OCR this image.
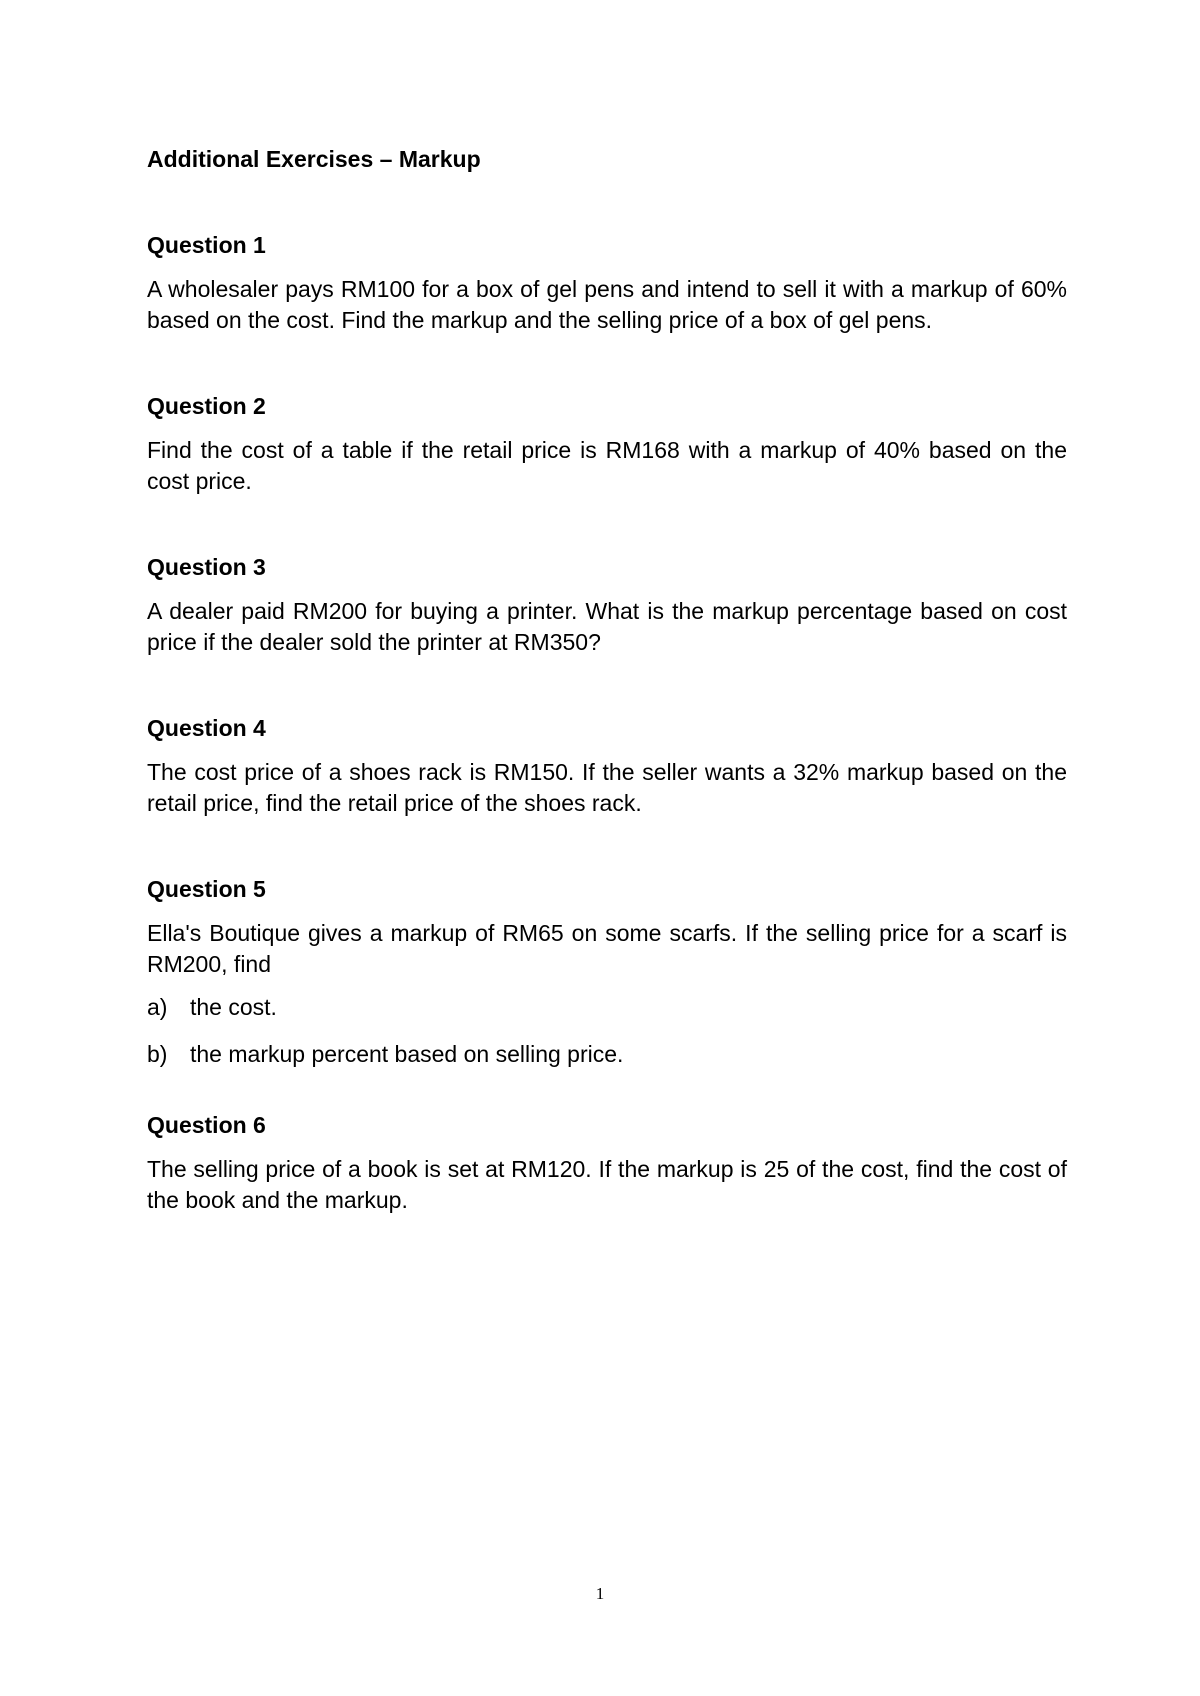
Additional Exercises – Markup
Question 1

A wholesaler pays RM100 for a box of gel pens and intend to sell it with a markup of 60% based on the cost. Find the markup and the selling price of a box of gel pens.

Question 2

Find the cost of a table if the retail price is RM168 with a markup of 40% based on the cost price.

Question 3

A dealer paid RM200 for buying a printer. What is the markup percentage based on cost price if the dealer sold the printer at RM350?

Question 4

The cost price of a shoes rack is RM150. If the seller wants a 32% markup based on the retail price, find the retail price of the shoes rack.

Question 5

Ella's Boutique gives a markup of RM65 on some scarfs. If the selling price for a scarf is RM200, find

a) the cost.
b) the markup percent based on selling price.
Question 6

The selling price of a book is set at RM120. If the markup is 25 of the cost, find the cost of the book and the markup.

1
